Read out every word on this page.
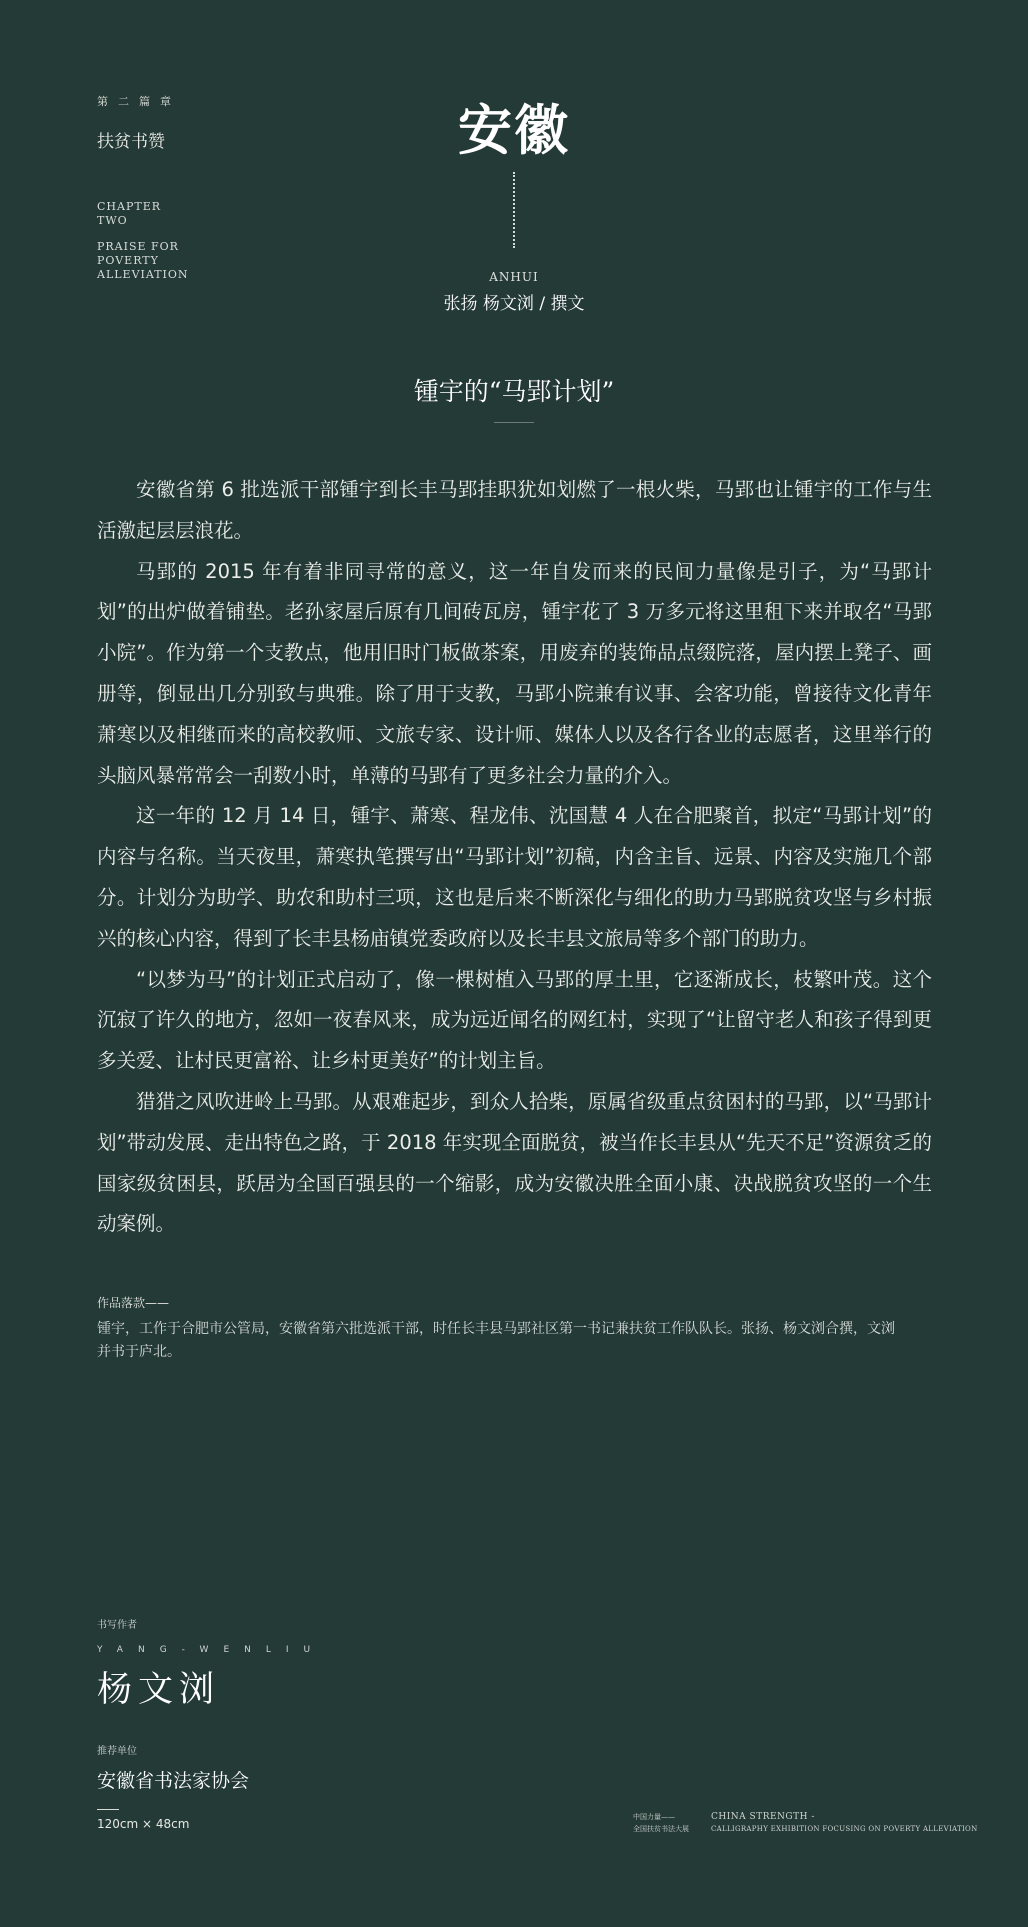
第二篇章
扶贫书赞
CHAPTER
TWO
PRAISE FOR
POVERTY
ALLEVIATION
安徽
ANHUI
张扬 杨文浏 / 撰文
锺宇的“马郢计划”

安徽省第 6 批选派干部锺宇到长丰马郢挂职犹如划燃了一根火柴，马郢也让锺宇的工作与生活激起层层浪花。

马郢的 2015 年有着非同寻常的意义，这一年自发而来的民间力量像是引子，为“马郢计划”的出炉做着铺垫。老孙家屋后原有几间砖瓦房，锺宇花了 3 万多元将这里租下来并取名“马郢小院”。作为第一个支教点，他用旧时门板做茶案，用废弃的装饰品点缀院落，屋内摆上凳子、画册等，倒显出几分别致与典雅。除了用于支教，马郢小院兼有议事、会客功能，曾接待文化青年萧寒以及相继而来的高校教师、文旅专家、设计师、媒体人以及各行各业的志愿者，这里举行的头脑风暴常常会一刮数小时，单薄的马郢有了更多社会力量的介入。

这一年的 12 月 14 日，锺宇、萧寒、程龙伟、沈国慧 4 人在合肥聚首，拟定“马郢计划”的内容与名称。当天夜里，萧寒执笔撰写出“马郢计划”初稿，内含主旨、远景、内容及实施几个部分。计划分为助学、助农和助村三项，这也是后来不断深化与细化的助力马郢脱贫攻坚与乡村振兴的核心内容，得到了长丰县杨庙镇党委政府以及长丰县文旅局等多个部门的助力。

“以梦为马”的计划正式启动了，像一棵树植入马郢的厚土里，它逐渐成长，枝繁叶茂。这个沉寂了许久的地方，忽如一夜春风来，成为远近闻名的网红村，实现了“让留守老人和孩子得到更多关爱、让村民更富裕、让乡村更美好”的计划主旨。

猎猎之风吹进岭上马郢。从艰难起步，到众人拾柴，原属省级重点贫困村的马郢，以“马郢计划”带动发展、走出特色之路，于 2018 年实现全面脱贫，被当作长丰县从“先天不足”资源贫乏的国家级贫困县，跃居为全国百强县的一个缩影，成为安徽决胜全面小康、决战脱贫攻坚的一个生动案例。

作品落款——
锺宇，工作于合肥市公管局，安徽省第六批选派干部，时任长丰县马郢社区第一书记兼扶贫工作队队长。张扬、杨文浏合撰，文浏并书于庐北。
书写作者
YANG-WENLIU
杨文浏
推荐单位
安徽省书法家协会
120cm × 48cm	中国力量——
全国扶贫书法大展
CHINA STRENGTH -
CALLIGRAPHY EXHIBITION FOCUSING ON POVERTY ALLEVIATION
